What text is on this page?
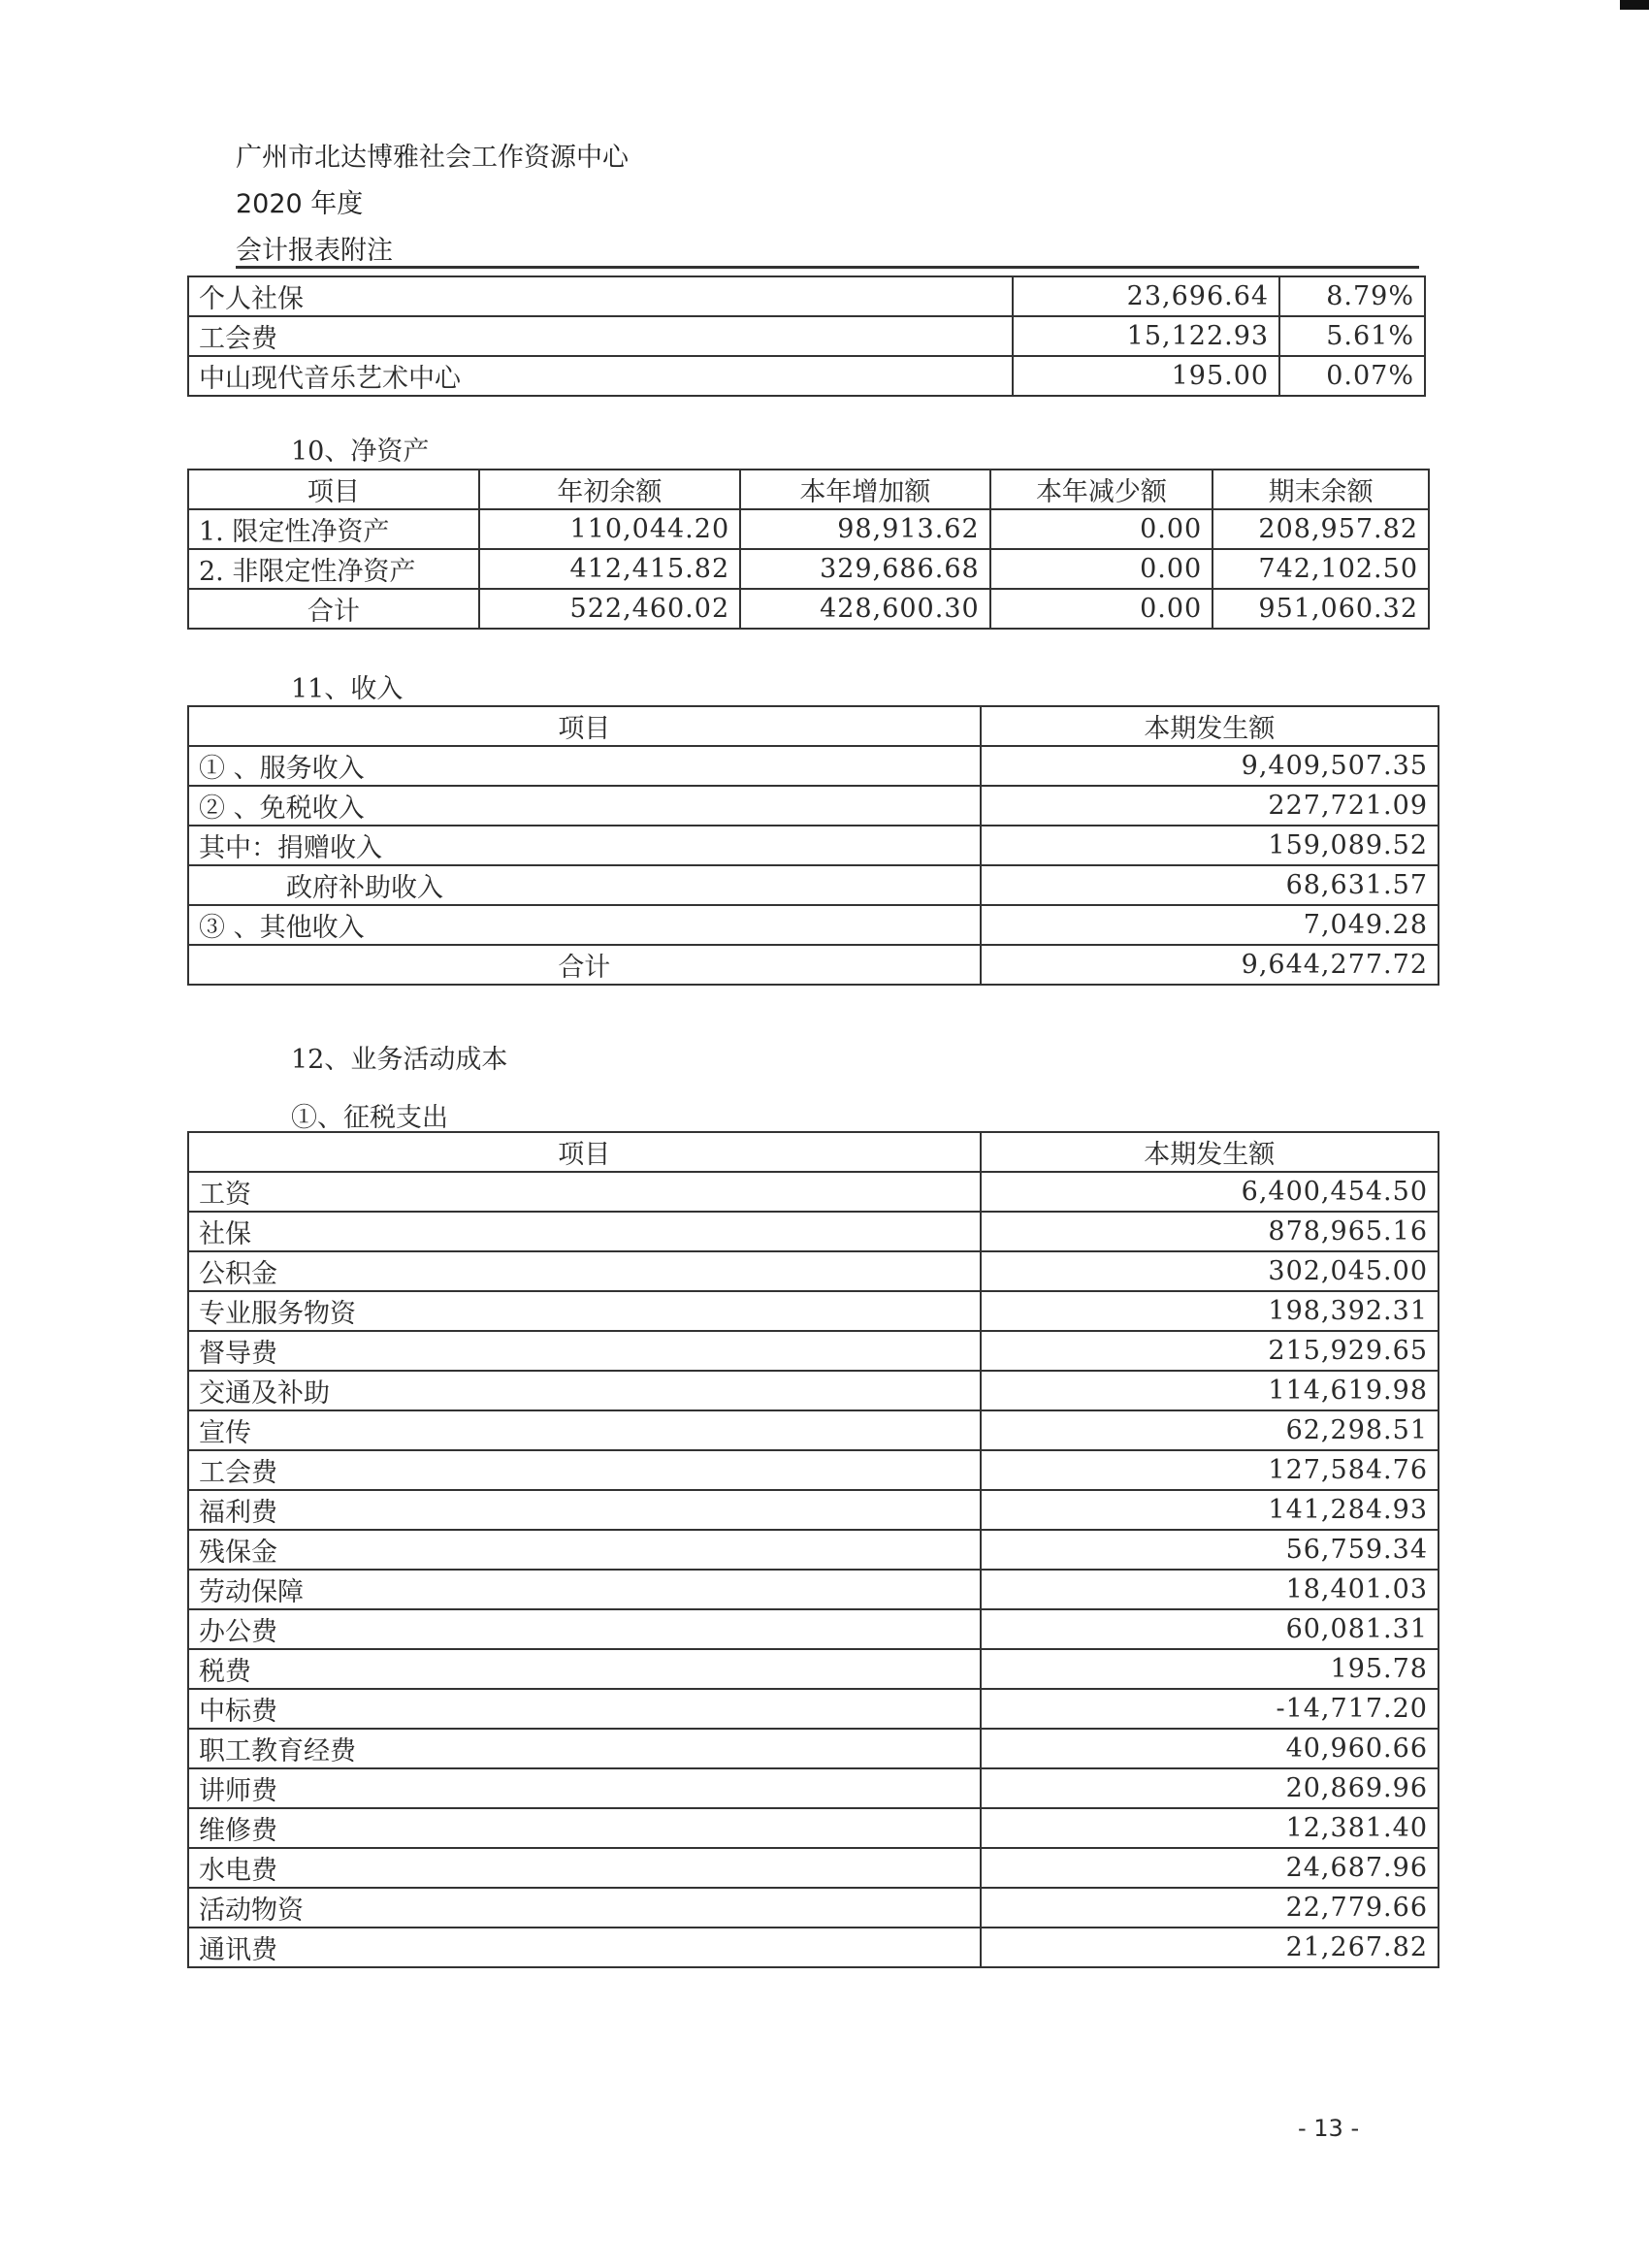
广州市北达博雅社会工作资源中心
2020 年度
会计报表附注
个人社保	23,696.64	8.79%
工会费	15,122.93	5.61%
中山现代音乐艺术中心	195.00	0.07%
10、净资产
项目	年初余额	本年增加额	本年减少额	期末余额
1. 限定性净资产	110,044.20	98,913.62	0.00	208,957.82
2. 非限定性净资产	412,415.82	329,686.68	0.00	742,102.50
合计	522,460.02	428,600.30	0.00	951,060.32
11、收入
项目	本期发生额
① 、服务收入	9,409,507.35
② 、免税收入	227,721.09
其中：捐赠收入	159,089.52
政府补助收入	68,631.57
③ 、其他收入	7,049.28
合计	9,644,277.72
12、业务活动成本
①、征税支出
项目	本期发生额
工资	6,400,454.50
社保	878,965.16
公积金	302,045.00
专业服务物资	198,392.31
督导费	215,929.65
交通及补助	114,619.98
宣传	62,298.51
工会费	127,584.76
福利费	141,284.93
残保金	56,759.34
劳动保障	18,401.03
办公费	60,081.31
税费	195.78
中标费	-14,717.20
职工教育经费	40,960.66
讲师费	20,869.96
维修费	12,381.40
水电费	24,687.96
活动物资	22,779.66
通讯费	21,267.82
- 13 -
